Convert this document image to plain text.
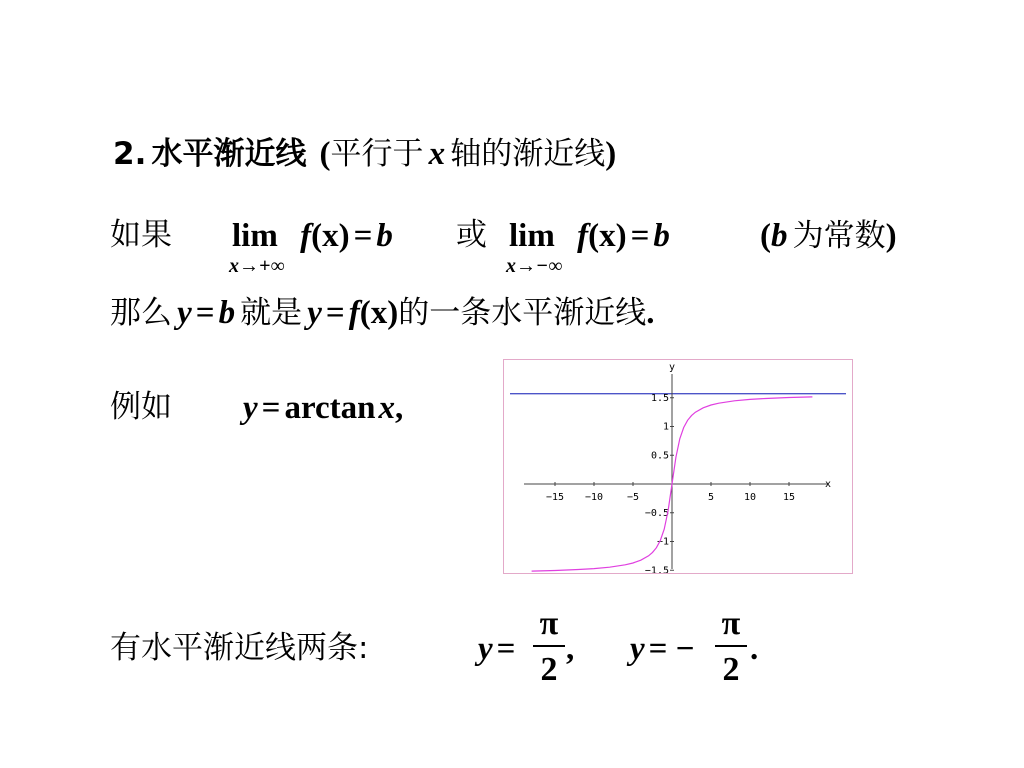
2. 水平渐近线 (平行于 x 轴的渐近线)
如果 lim f(x) = b
x→+∞
或 lim f(x) = b
x→−∞
(b 为常数)
那么 y = b 就是 y = f(x)的一条水平渐近线.
例如 y = arctanx,
x
y
−15 −10 −5	5	10	15
1.5
1
0.5
−0.5
−1
−1.5
有水平渐近线两条:	y =
π
2
, y = −
π
2
.
